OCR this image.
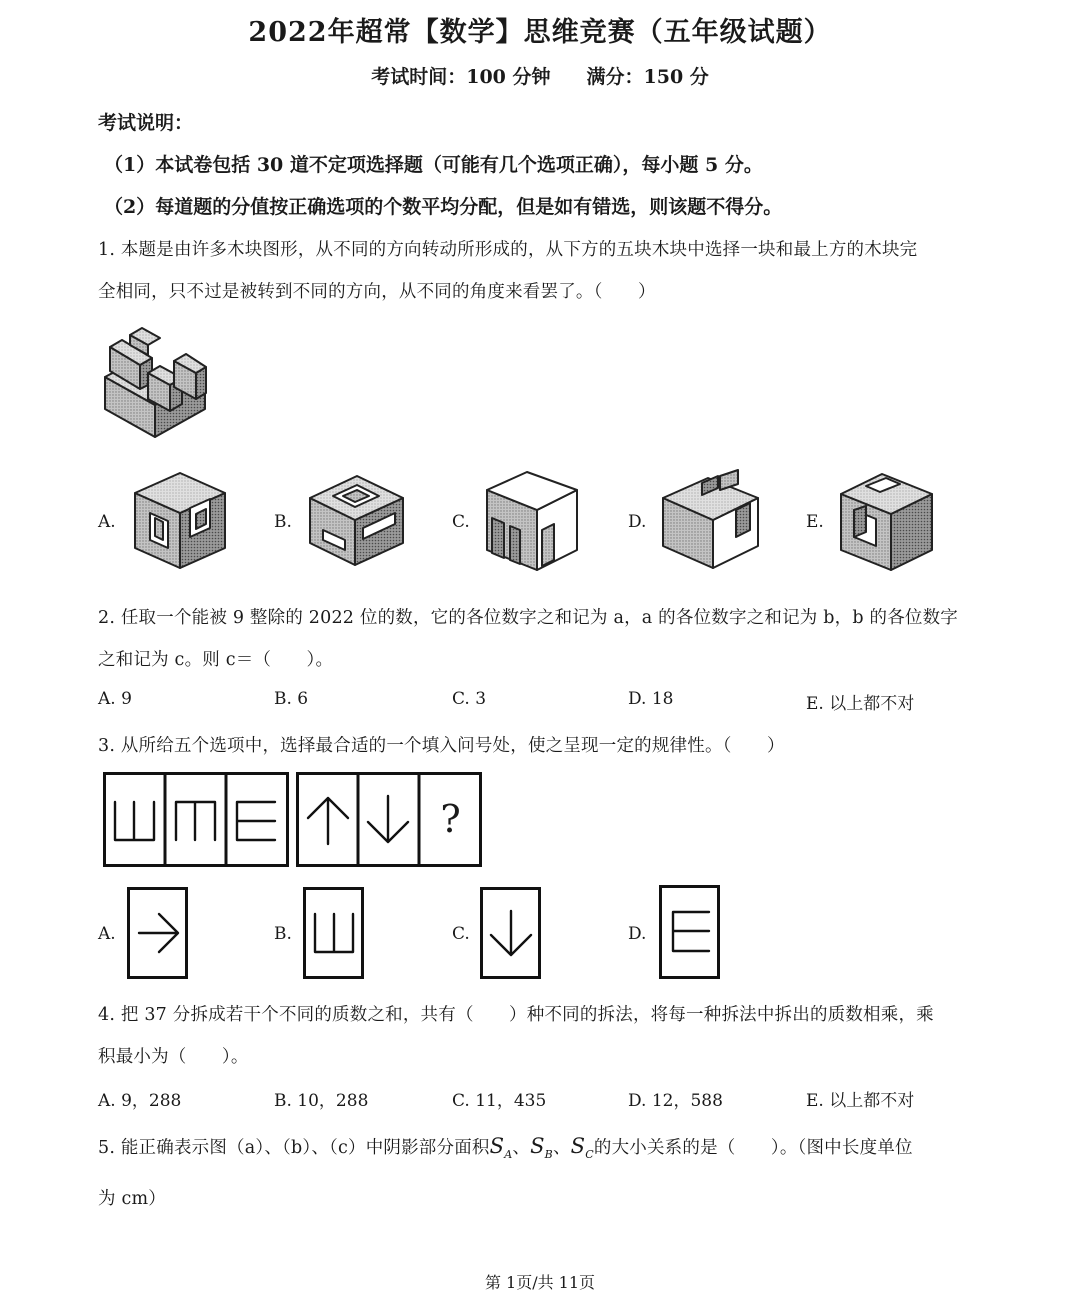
2022年超常【数学】思维竞赛（五年级试题）
考试时间：100 分钟 满分：150 分
考试说明：
（1）本试卷包括 30 道不定项选择题（可能有几个选项正确），每小题 5 分。
（2）每道题的分值按正确选项的个数平均分配，但是如有错选，则该题不得分。
1. 本题是由许多木块图形，从不同的方向转动所形成的，从下方的五块木块中选择一块和最上方的木块完
全相同，只不过是被转到不同的方向，从不同的角度来看罢了。（　　）
A.	B.	C.	D.	E.
2. 任取一个能被 9 整除的 2022 位的数，它的各位数字之和记为 a，a 的各位数字之和记为 b，b 的各位数字
之和记为 c。则 c＝（　　）。
A. 9	B. 6	C. 3	D. 18	E. 以上都不对
3. 从所给五个选项中，选择最合适的一个填入问号处，使之呈现一定的规律性。（　　）
?
A.	B.	C.	D.
4. 把 37 分拆成若干个不同的质数之和，共有（　　）种不同的拆法，将每一种拆法中拆出的质数相乘，乘
积最小为（　　）。
A. 9，288	B. 10，288	C. 11，435	D. 12，588	E. 以上都不对
5. 能正确表示图（a）、（b）、（c）中阴影部分面积$S_A$、$S_B$、$S_C$的大小关系的是（　　）。（图中长度单位
为 cm）
第 1页/共 11页
